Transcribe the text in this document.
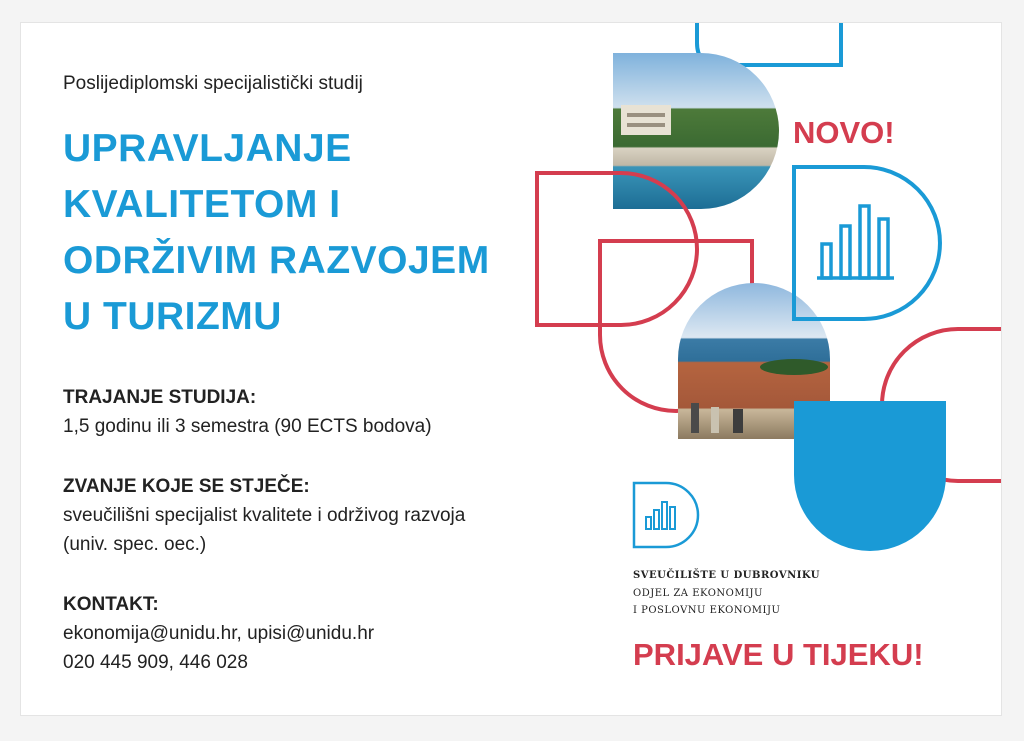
Poslijediplomski specijalistički studij
UPRAVLJANJE
KVALITETOM I
ODRŽIVIM RAZVOJEM
U TURIZMU
TRAJANJE STUDIJA:
1,5 godinu ili 3 semestra (90 ECTS bodova)
ZVANJE KOJE SE STJEČE:
sveučilišni specijalist kvalitete i održivog razvoja
(univ. spec. oec.)
KONTAKT:
ekonomija@unidu.hr, upisi@unidu.hr
020 445 909, 446 028
NOVO!
SVEUČILIŠTE U DUBROVNIKU
ODJEL ZA EKONOMIJU
I POSLOVNU EKONOMIJU
PRIJAVE U TIJEKU!
